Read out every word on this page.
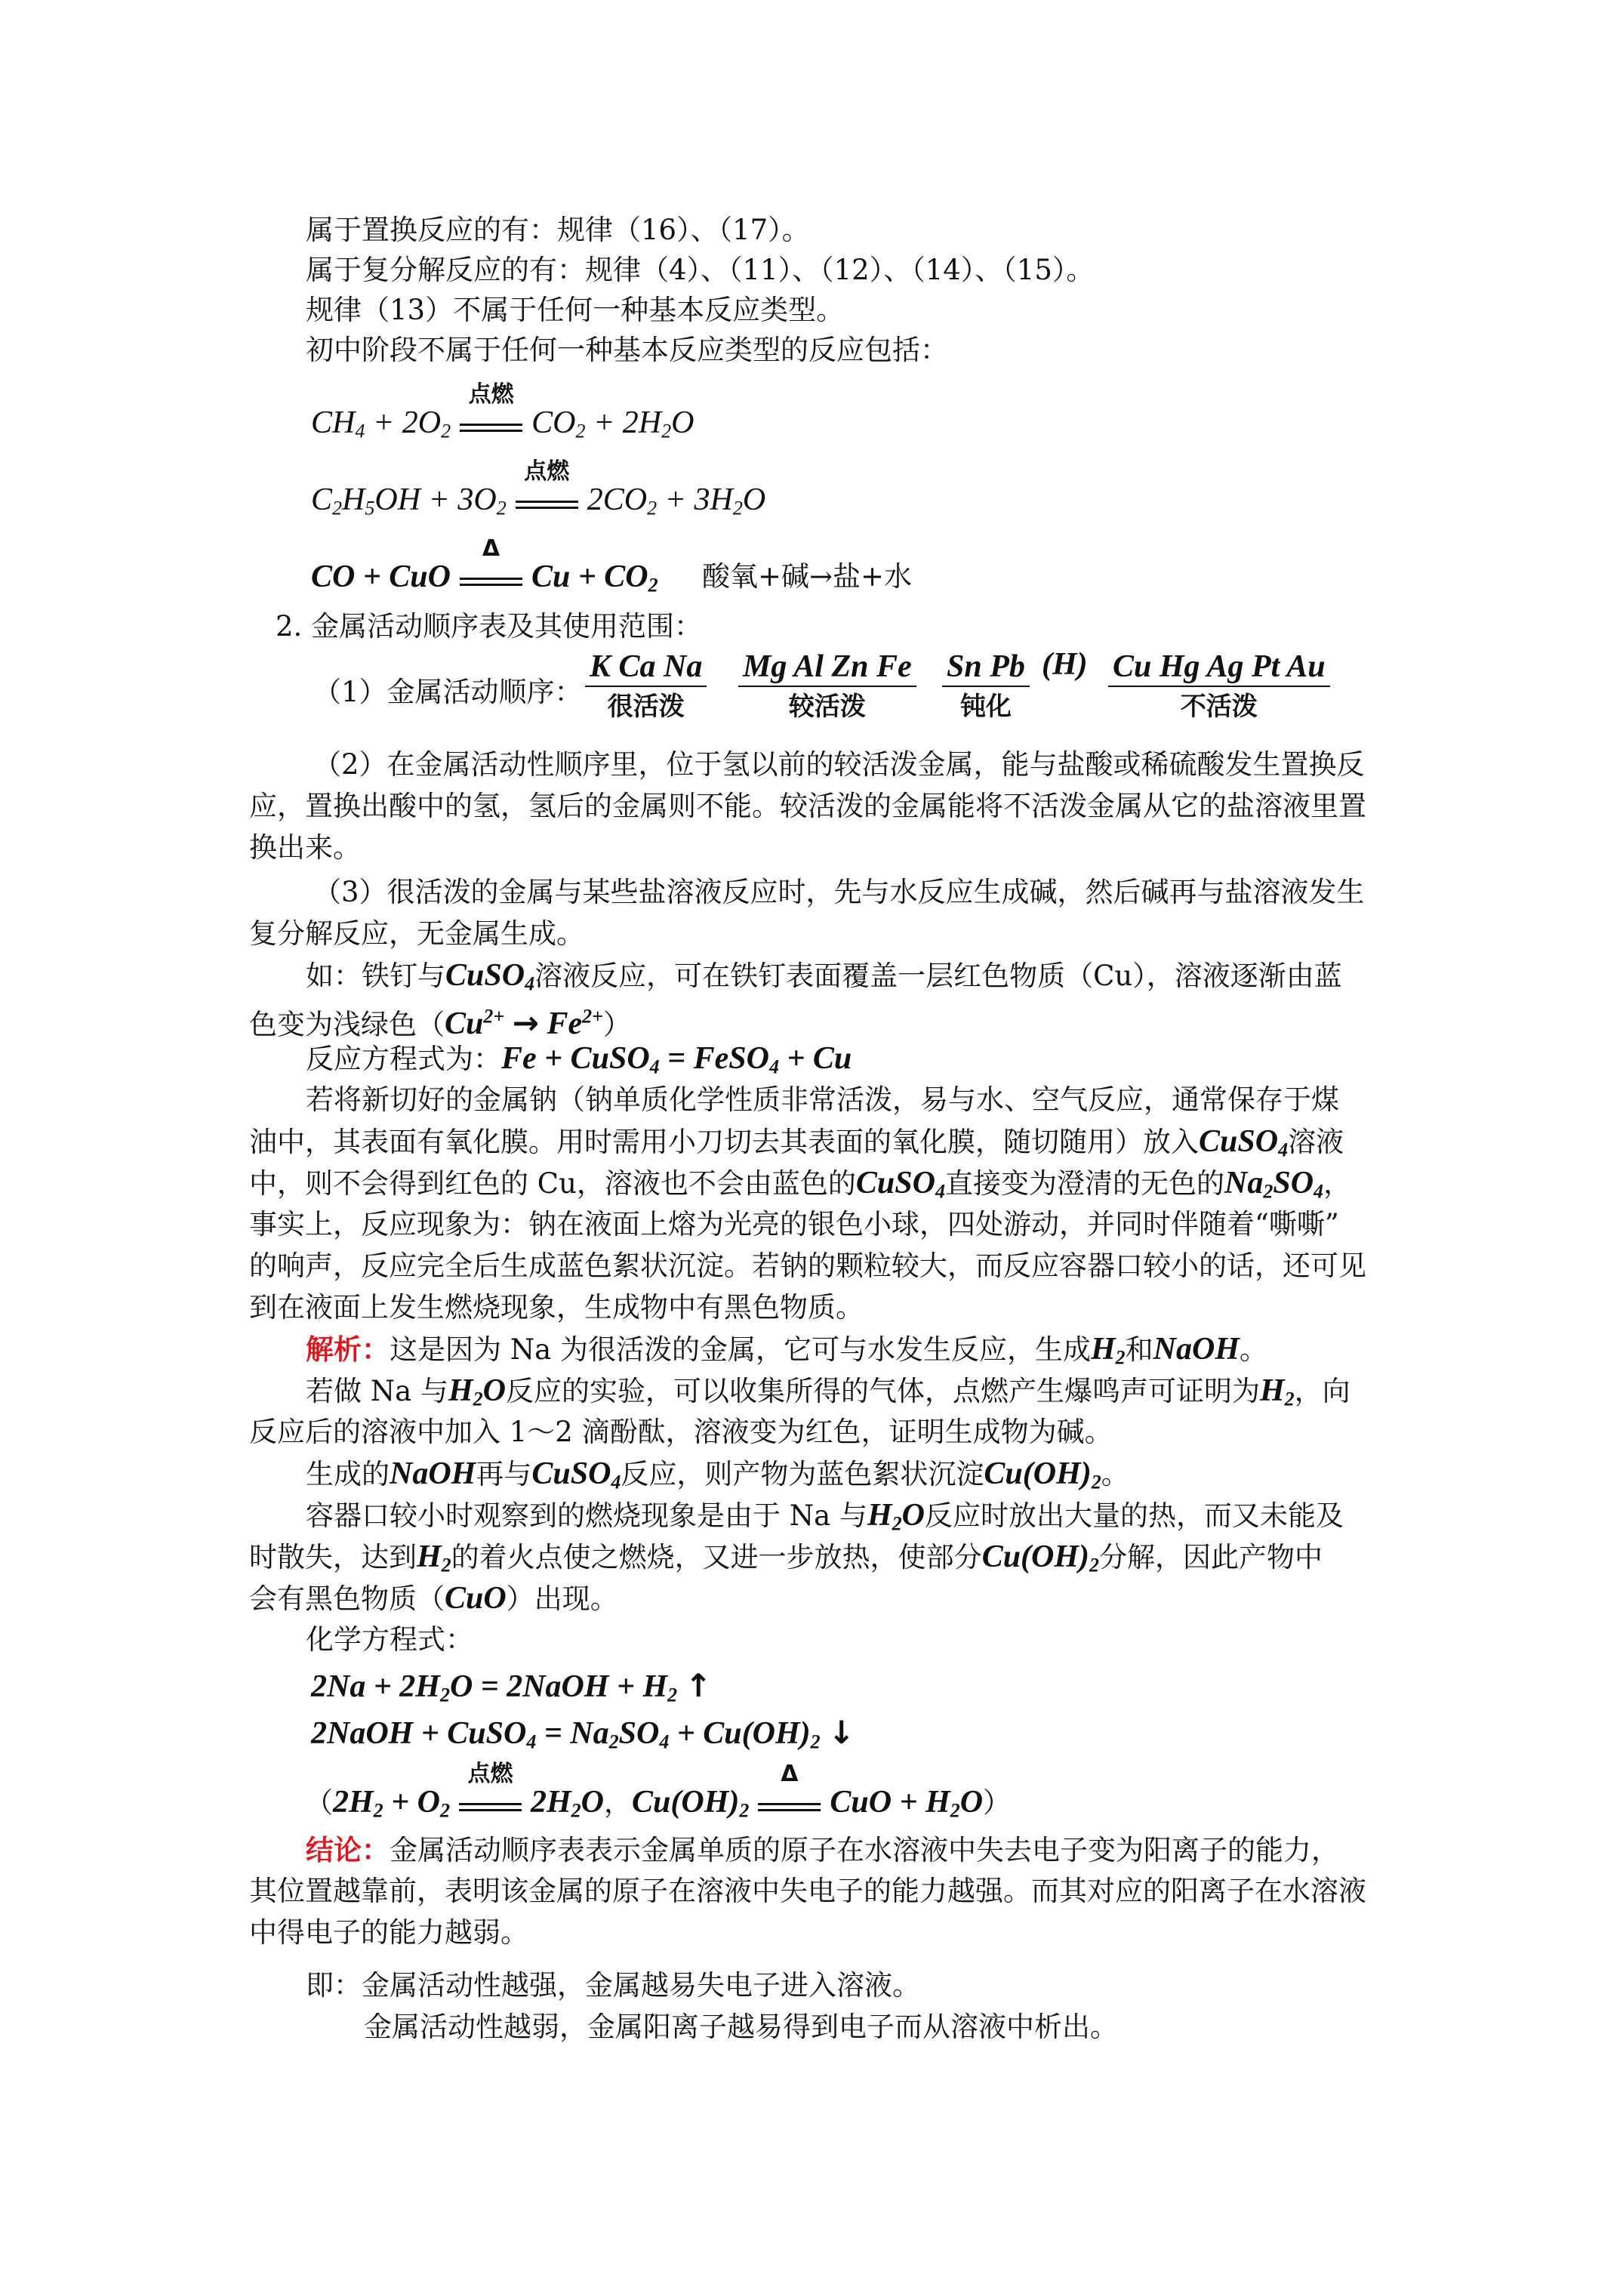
属于置换反应的有：规律（16）、（17）。
属于复分解反应的有：规律（4）、（11）、（12）、（14）、（15）。
规律（13）不属于任何一种基本反应类型。
初中阶段不属于任何一种基本反应类型的反应包括：
$CH_4 + 2O_2$
点燃
$CO_2 + 2H_2O$
$C_2H_5OH + 3O_2$
点燃
$2CO_2 + 3H_2O$
CO + CuO
Δ
$Cu + CO_2$ 酸氧+碱→盐+水
2. 金属活动顺序表及其使用范围：
（1）金属活动顺序：
K Ca Na
很活泼
Mg Al Zn Fe
较活泼
Sn Pb
钝化
(H) Cu Hg Ag Pt Au
不活泼
（2）在金属活动性顺序里，位于氢以前的较活泼金属，能与盐酸或稀硫酸发生置换反
应，置换出酸中的氢，氢后的金属则不能。较活泼的金属能将不活泼金属从它的盐溶液里置
换出来。
（3）很活泼的金属与某些盐溶液反应时，先与水反应生成碱，然后碱再与盐溶液发生
复分解反应，无金属生成。
如：铁钉与CuSO$_4$溶液反应，可在铁钉表面覆盖一层红色物质（Cu），溶液逐渐由蓝
色变为浅绿色$(Cu^{2+} \to Fe^{2+})$
反应方程式为：Fe + CuSO$_4$ = FeSO$_4$ + Cu
若将新切好的金属钠（钠单质化学性质非常活泼，易与水、空气反应，通常保存于煤
油中，其表面有氧化膜。用时需用小刀切去其表面的氧化膜，随切随用）放入CuSO$_4$溶液
中，则不会得到红色的 Cu，溶液也不会由蓝色的CuSO$_4$直接变为澄清的无色的$Na_2SO_4$，
事实上，反应现象为：钠在液面上熔为光亮的银色小球，四处游动，并同时伴随着“嘶嘶”
的响声，反应完全后生成蓝色絮状沉淀。若钠的颗粒较大，而反应容器口较小的话，还可见
到在液面上发生燃烧现象，生成物中有黑色物质。
解析：这是因为 Na 为很活泼的金属，它可与水发生反应，生成$H_2$和NaOH。
若做 Na 与$H_2O$反应的实验，可以收集所得的气体，点燃产生爆鸣声可证明为$H_2$，向
反应后的溶液中加入 1～2 滴酚酞，溶液变为红色，证明生成物为碱。
生成的NaOH再与CuSO$_4$反应，则产物为蓝色絮状沉淀$Cu(OH)_2$。
容器口较小时观察到的燃烧现象是由于 Na 与$H_2O$反应时放出大量的热，而又未能及
时散失，达到$H_2$的着火点使之燃烧，又进一步放热，使部分$Cu(OH)_2$分解，因此产物中
会有黑色物质（CuO）出现。
化学方程式：
$2Na + 2H_2O$ = 2NaOH + $H_2$ ↑
2NaOH + CuSO$_4$ = $Na_2SO_4 + Cu(OH)_2$ ↓
（$2H_2 + O_2$
点燃
$2H_2O$，$Cu(OH)_2$
Δ
CuO + $H_2O$）
结论：金属活动顺序表表示金属单质的原子在水溶液中失去电子变为阳离子的能力，
其位置越靠前，表明该金属的原子在溶液中失电子的能力越强。而其对应的阳离子在水溶液
中得电子的能力越弱。
即：金属活动性越强，金属越易失电子进入溶液。
金属活动性越弱，金属阳离子越易得到电子而从溶液中析出。
